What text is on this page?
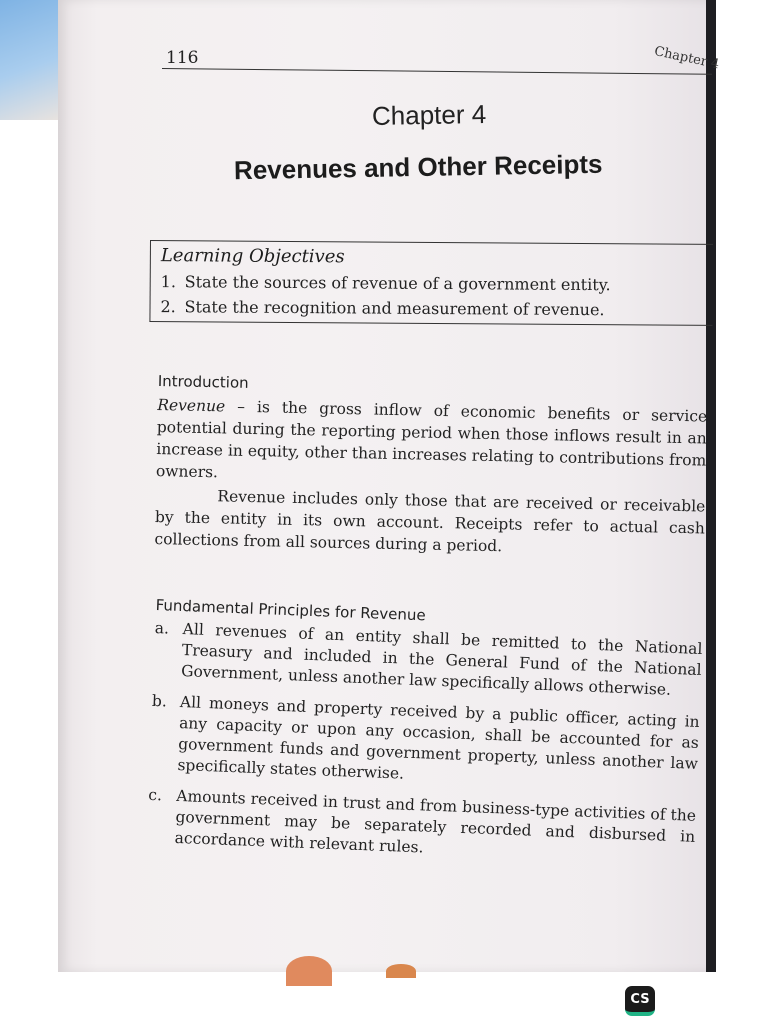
116	Chapter 4
Chapter 4
Revenues and Other Receipts
Learning Objectives
1. State the sources of revenue of a government entity.
2. State the recognition and measurement of revenue.
Introduction
Revenue – is the gross inflow of economic benefits or service potential during the reporting period when those inflows result in an increase in equity, other than increases relating to contributions from owners.
Revenue includes only those that are received or receivable by the entity in its own account. Receipts refer to actual cash collections from all sources during a period.
Fundamental Principles for Revenue
a. All revenues of an entity shall be remitted to the National Treasury and included in the General Fund of the National Government, unless another law specifically allows otherwise.
b. All moneys and property received by a public officer, acting in any capacity or upon any occasion, shall be accounted for as government funds and government property, unless another law specifically states otherwise.
c. Amounts received in trust and from business-type activities of the government may be separately recorded and disbursed in accordance with relevant rules.
CS
